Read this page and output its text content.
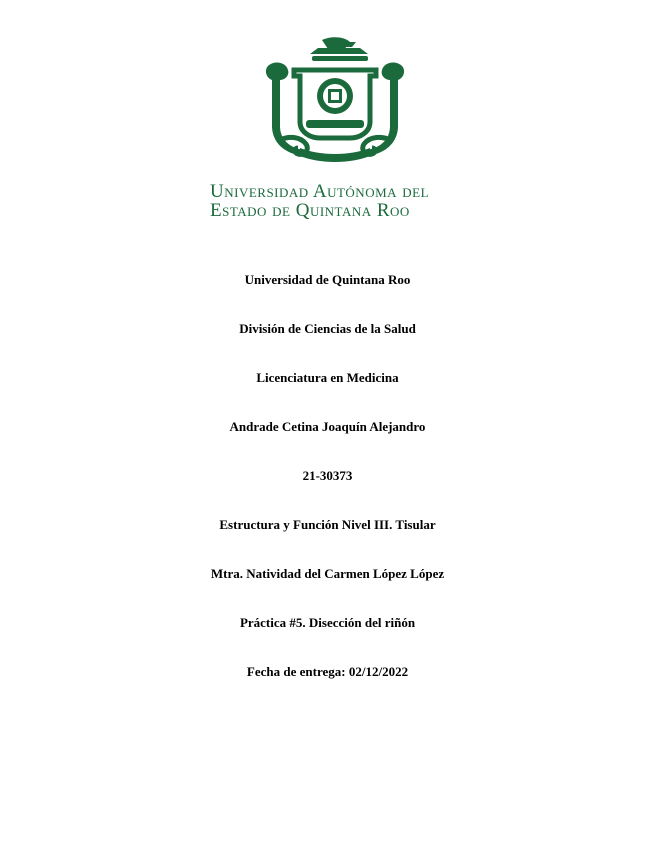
Universidad Autónoma del
Estado de Quintana Roo
Universidad de Quintana Roo
División de Ciencias de la Salud
Licenciatura en Medicina
Andrade Cetina Joaquín Alejandro
21-30373
Estructura y Función Nivel III. Tisular
Mtra. Natividad del Carmen López López
Práctica #5. Disección del riñón
Fecha de entrega: 02/12/2022
